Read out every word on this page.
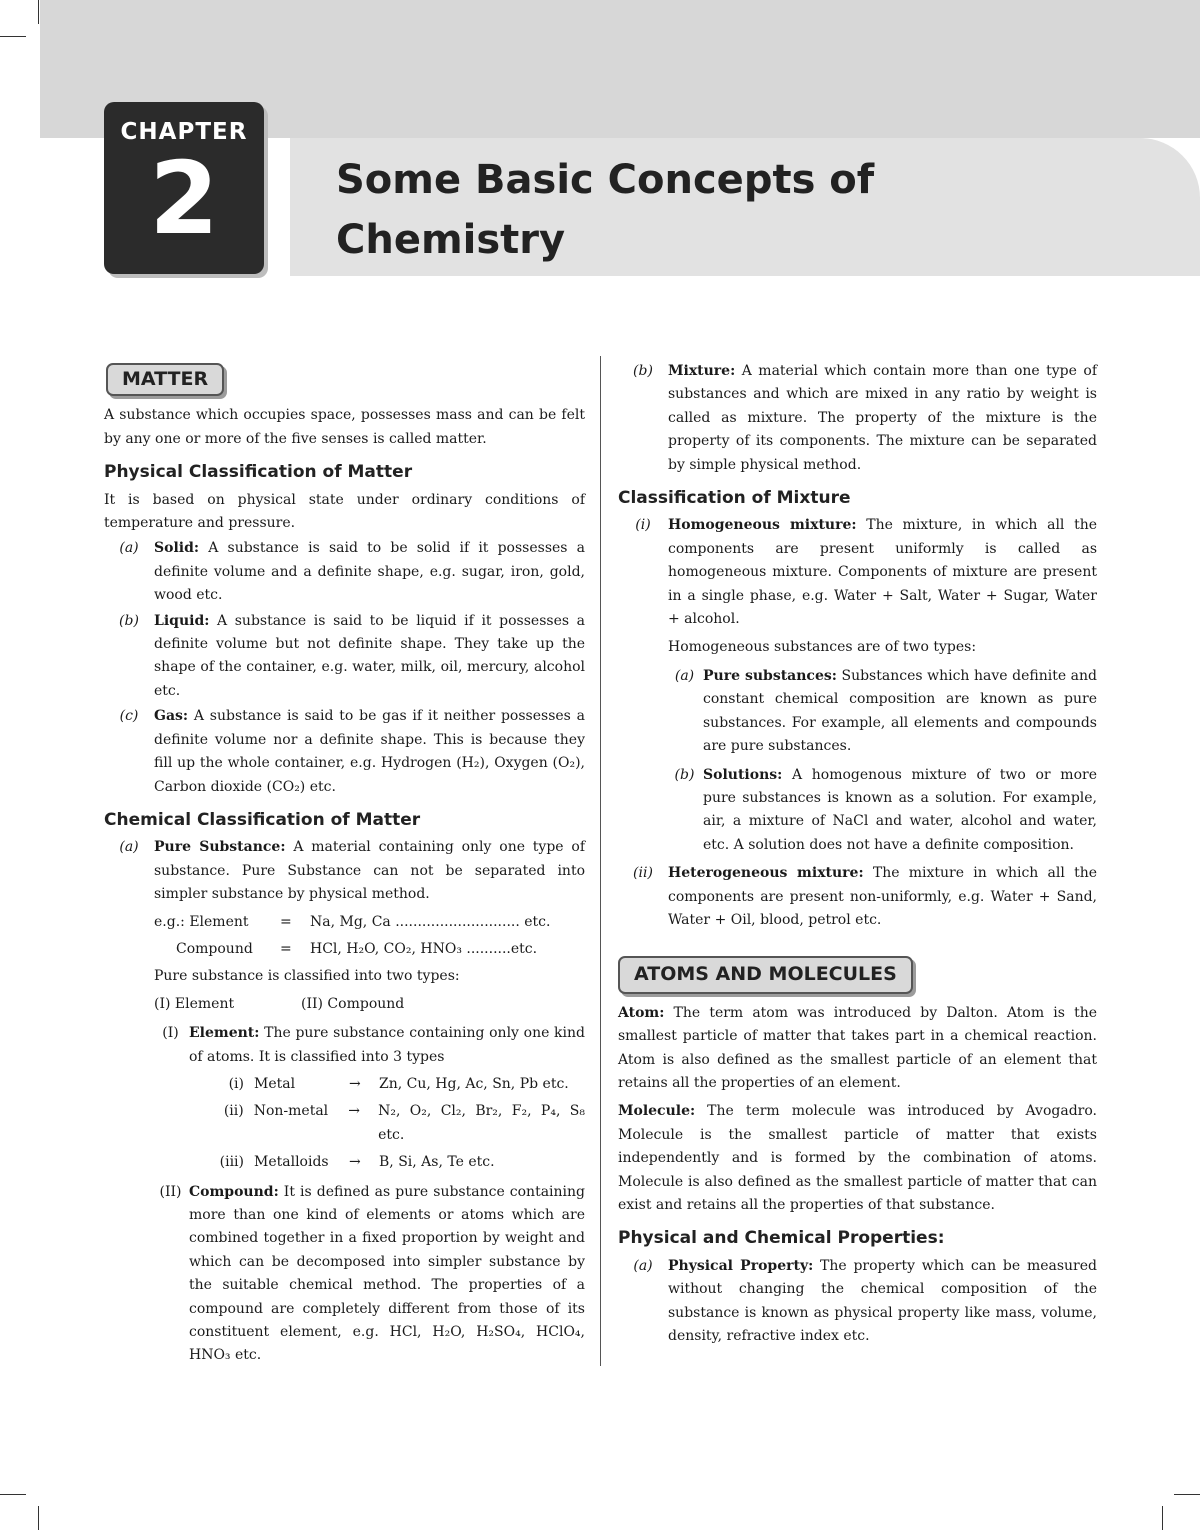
CHAPTER
2	Some Basic Concepts of
Chemistry
MATTER

A substance which occupies space, possesses mass and can be felt by any one or more of the five senses is called matter.

Physical Classification of Matter

It is based on physical state under ordinary conditions of temperature and pressure.

(a)	Solid: A substance is said to be solid if it possesses a definite volume and a definite shape, e.g. sugar, iron, gold, wood etc.
(b)	Liquid: A substance is said to be liquid if it possesses a definite volume but not definite shape. They take up the shape of the container, e.g. water, milk, oil, mercury, alcohol etc.
(c)	Gas: A substance is said to be gas if it neither possesses a definite volume nor a definite shape. This is because they fill up the whole container, e.g. Hydrogen (H₂), Oxygen (O₂), Carbon dioxide (CO₂) etc.
Chemical Classification of Matter
(a)	Pure Substance: A material containing only one type of substance. Pure Substance can not be separated into simpler substance by physical method.
e.g.: Element	=	Na, Mg, Ca ............................ etc.
Compound	=	HCl, H₂O, CO₂, HNO₃ ..........etc.

Pure substance is classified into two types:

(I) Element	(II) Compound
(I) Element: The pure substance containing only one kind of atoms. It is classified into 3 types
(i) Metal	→	Zn, Cu, Hg, Ac, Sn, Pb etc.
(ii) Non-metal	→	N₂, O₂, Cl₂, Br₂, F₂, P₄, S₈ etc.
(iii) Metalloids	→	B, Si, As, Te etc.
(II) Compound: It is defined as pure substance containing more than one kind of elements or atoms which are combined together in a fixed proportion by weight and which can be decomposed into simpler substance by the suitable chemical method. The properties of a compound are completely different from those of its constituent element, e.g. HCl, H₂O, H₂SO₄, HClO₄, HNO₃ etc.
(b)	Mixture: A material which contain more than one type of substances and which are mixed in any ratio by weight is called as mixture. The property of the mixture is the property of its components. The mixture can be separated by simple physical method.
Classification of Mixture
(i)	Homogeneous mixture: The mixture, in which all the components are present uniformly is called as homogeneous mixture. Components of mixture are present in a single phase, e.g. Water + Salt, Water + Sugar, Water + alcohol.

Homogeneous substances are of two types:

(a) Pure substances: Substances which have definite and constant chemical composition are known as pure substances. For example, all elements and compounds are pure substances.
(b) Solutions: A homogenous mixture of two or more pure substances is known as a solution. For example, air, a mixture of NaCl and water, alcohol and water, etc. A solution does not have a definite composition.
(ii)	Heterogeneous mixture: The mixture in which all the components are present non-uniformly, e.g. Water + Sand, Water + Oil, blood, petrol etc.
ATOMS AND MOLECULES

Atom: The term atom was introduced by Dalton. Atom is the smallest particle of matter that takes part in a chemical reaction. Atom is also defined as the smallest particle of an element that retains all the properties of an element.

Molecule: The term molecule was introduced by Avogadro. Molecule is the smallest particle of matter that exists independently and is formed by the combination of atoms. Molecule is also defined as the smallest particle of matter that can exist and retains all the properties of that substance.

Physical and Chemical Properties:
(a)	Physical Property: The property which can be measured without changing the chemical composition of the substance is known as physical property like mass, volume, density, refractive index etc.
